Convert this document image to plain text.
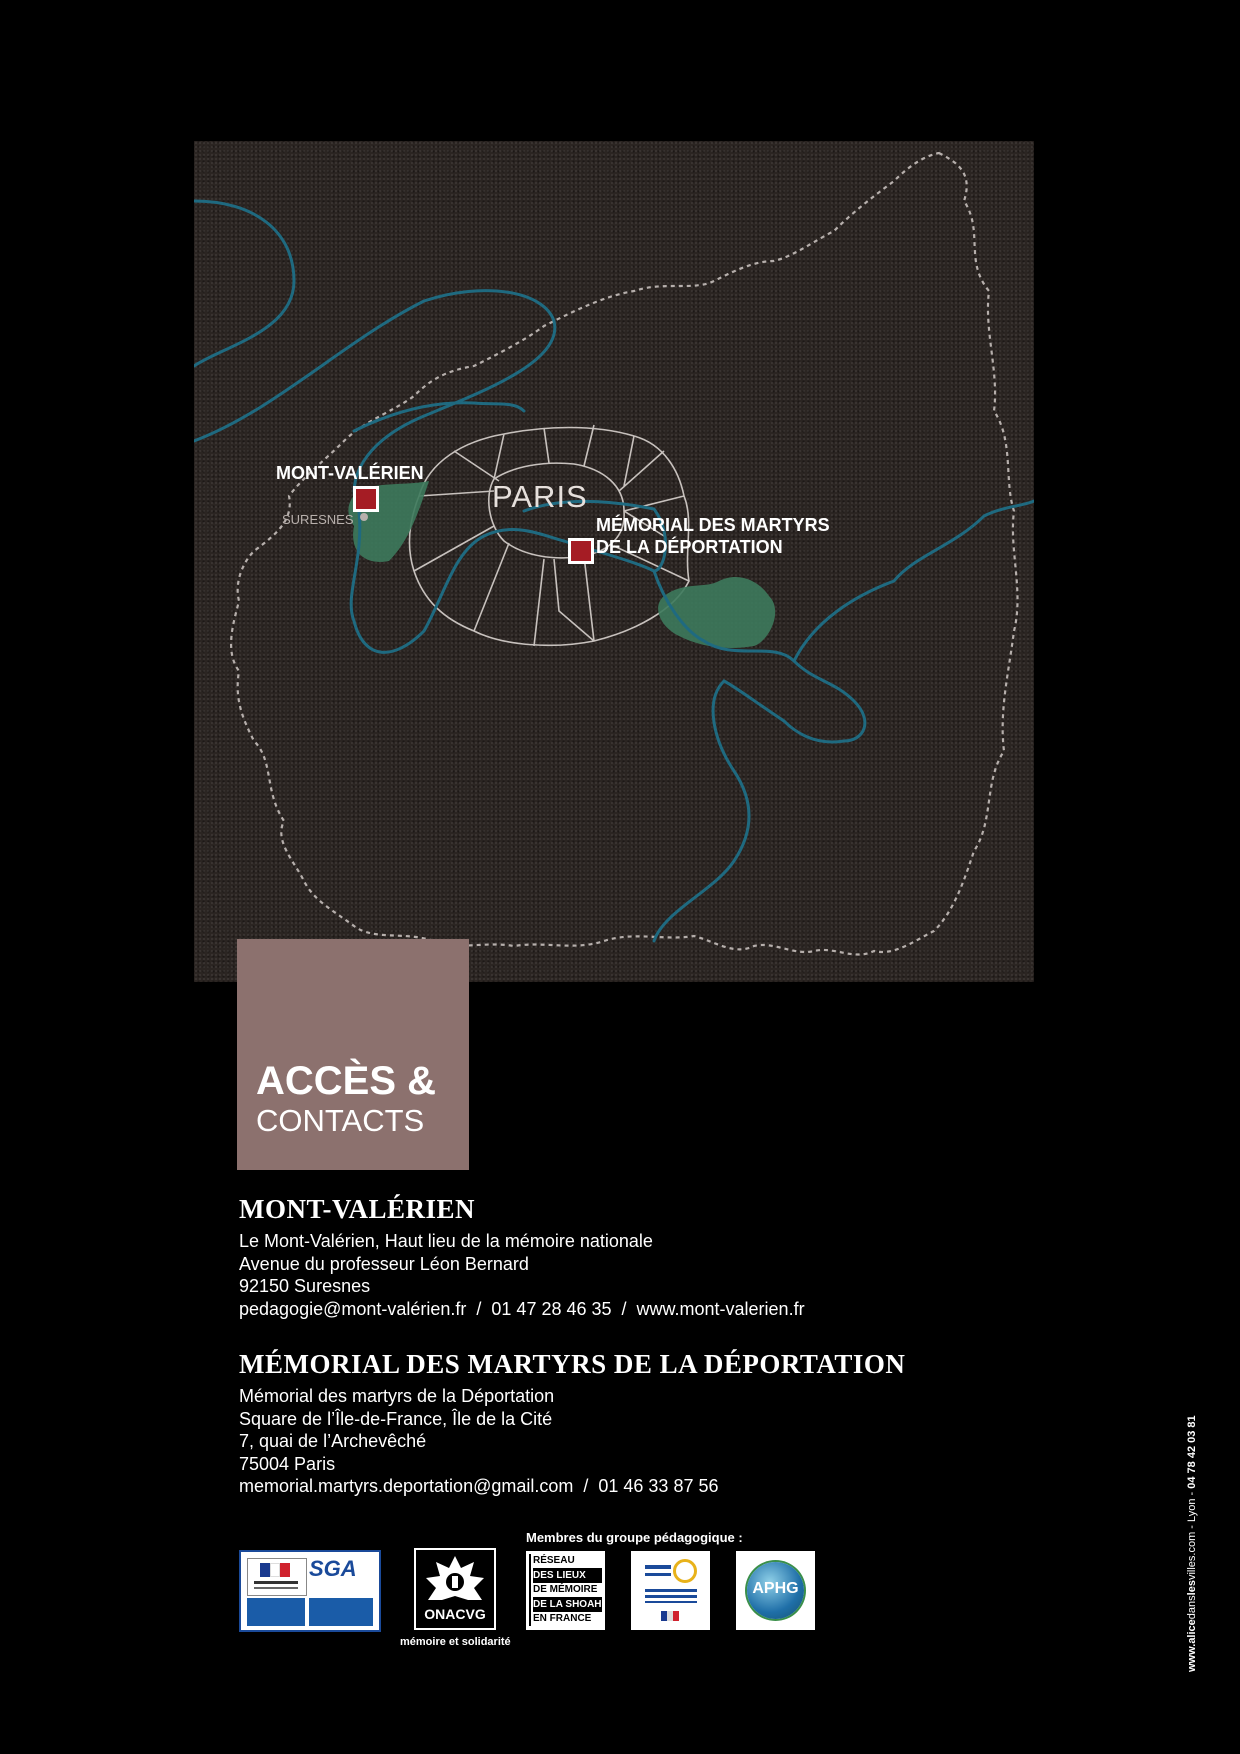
MONT-VALÉRIEN
SURESNES
PARIS
MÉMORIAL DES MARTYRS
DE LA DÉPORTATION
ACCÈS &
CONTACTS
MONT-VALÉRIEN
Le Mont-Valérien, Haut lieu de la mémoire nationale
Avenue du professeur Léon Bernard
92150 Suresnes
pedagogie@mont-valérien.fr  /  01 47 28 46 35  /  www.mont-valerien.fr
MÉMORIAL DES MARTYRS DE LA DÉPORTATION
Mémorial des martyrs de la Déportation
Square de l’Île-de-France, Île de la Cité
7, quai de l’Archevêché
75004 Paris
memorial.martyrs.deportation@gmail.com  /  01 46 33 87 56
Membres du groupe pédagogique :
SGA
ONACVG
mémoire et solidarité
RÉSEAU
DES LIEUX
DE MÉMOIRE
DE LA SHOAH
EN FRANCE
APHG
www.alicedanslesvilles.com - Lyon - 04 78 42 03 81
